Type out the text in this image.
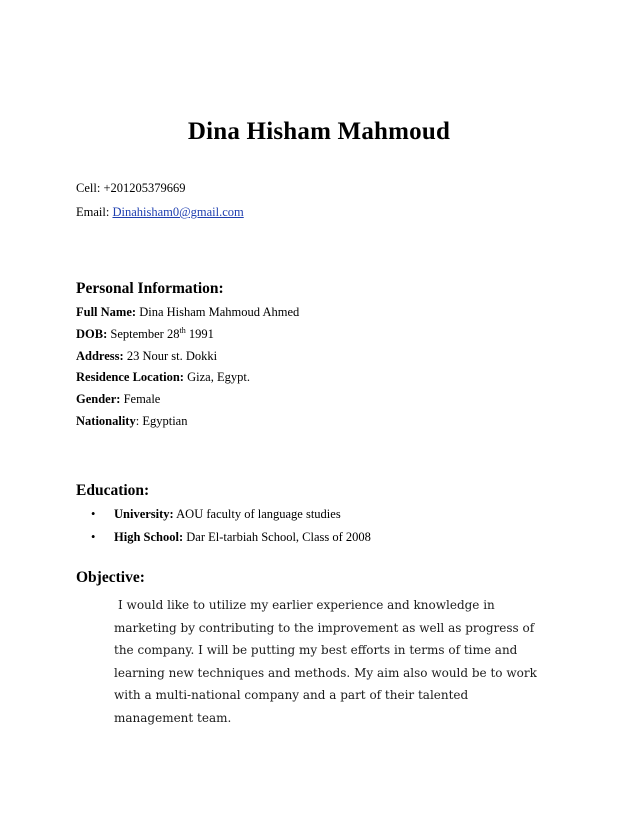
Dina Hisham Mahmoud
Cell: +201205379669
Email: Dinahisham0@gmail.com
Personal Information:
Full Name: Dina Hisham Mahmoud Ahmed
DOB: September 28th 1991
Address: 23 Nour st. Dokki
Residence Location: Giza, Egypt.
Gender: Female
Nationality: Egyptian
Education:
• University: AOU faculty of language studies
• High School: Dar El-tarbiah School, Class of 2008
Objective:
I would like to utilize my earlier experience and knowledge in marketing by contributing to the improvement as well as progress of the company. I will be putting my best efforts in terms of time and learning new techniques and methods. My aim also would be to work with a multi-national company and a part of their talented management team.
